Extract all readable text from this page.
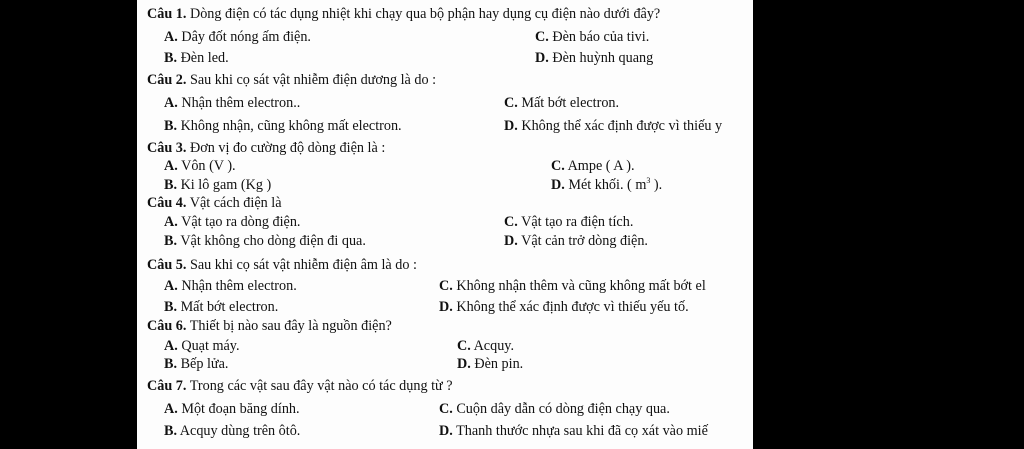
Câu 1. Dòng điện có tác dụng nhiệt khi chạy qua bộ phận hay dụng cụ điện nào dưới đây?
A. Dây đốt nóng ấm điện.	C. Đèn báo của tivi.
B. Đèn led.	D. Đèn huỳnh quang
Câu 2. Sau khi cọ sát vật nhiễm điện dương là do :
A. Nhận thêm electron..	C. Mất bớt electron.
B. Không nhận, cũng không mất electron.	D. Không thể xác định được vì thiếu y
Câu 3. Đơn vị đo cường độ dòng điện là :
A. Vôn (V ).	C. Ampe ( A ).
B. Ki lô gam (Kg )	D. Mét khối. ( $m^3$ ).
Câu 4. Vật cách điện là
A. Vật tạo ra dòng điện.	C. Vật tạo ra điện tích.
B. Vật không cho dòng điện đi qua.	D. Vật cản trở dòng điện.
Câu 5. Sau khi cọ sát vật nhiễm điện âm là do :
A. Nhận thêm electron.	C. Không nhận thêm và cũng không mất bớt el
B. Mất bớt electron.	D. Không thể xác định được vì thiếu yếu tố.
Câu 6. Thiết bị nào sau đây là nguồn điện?
A. Quạt máy.	C. Acquy.
B. Bếp lửa.	D. Đèn pin.
Câu 7. Trong các vật sau đây vật nào có tác dụng từ ?
A. Một đoạn băng dính.	C. Cuộn dây dẫn có dòng điện chạy qua.
B. Acquy dùng trên ôtô.	D. Thanh thước nhựa sau khi đã cọ xát vào miế
